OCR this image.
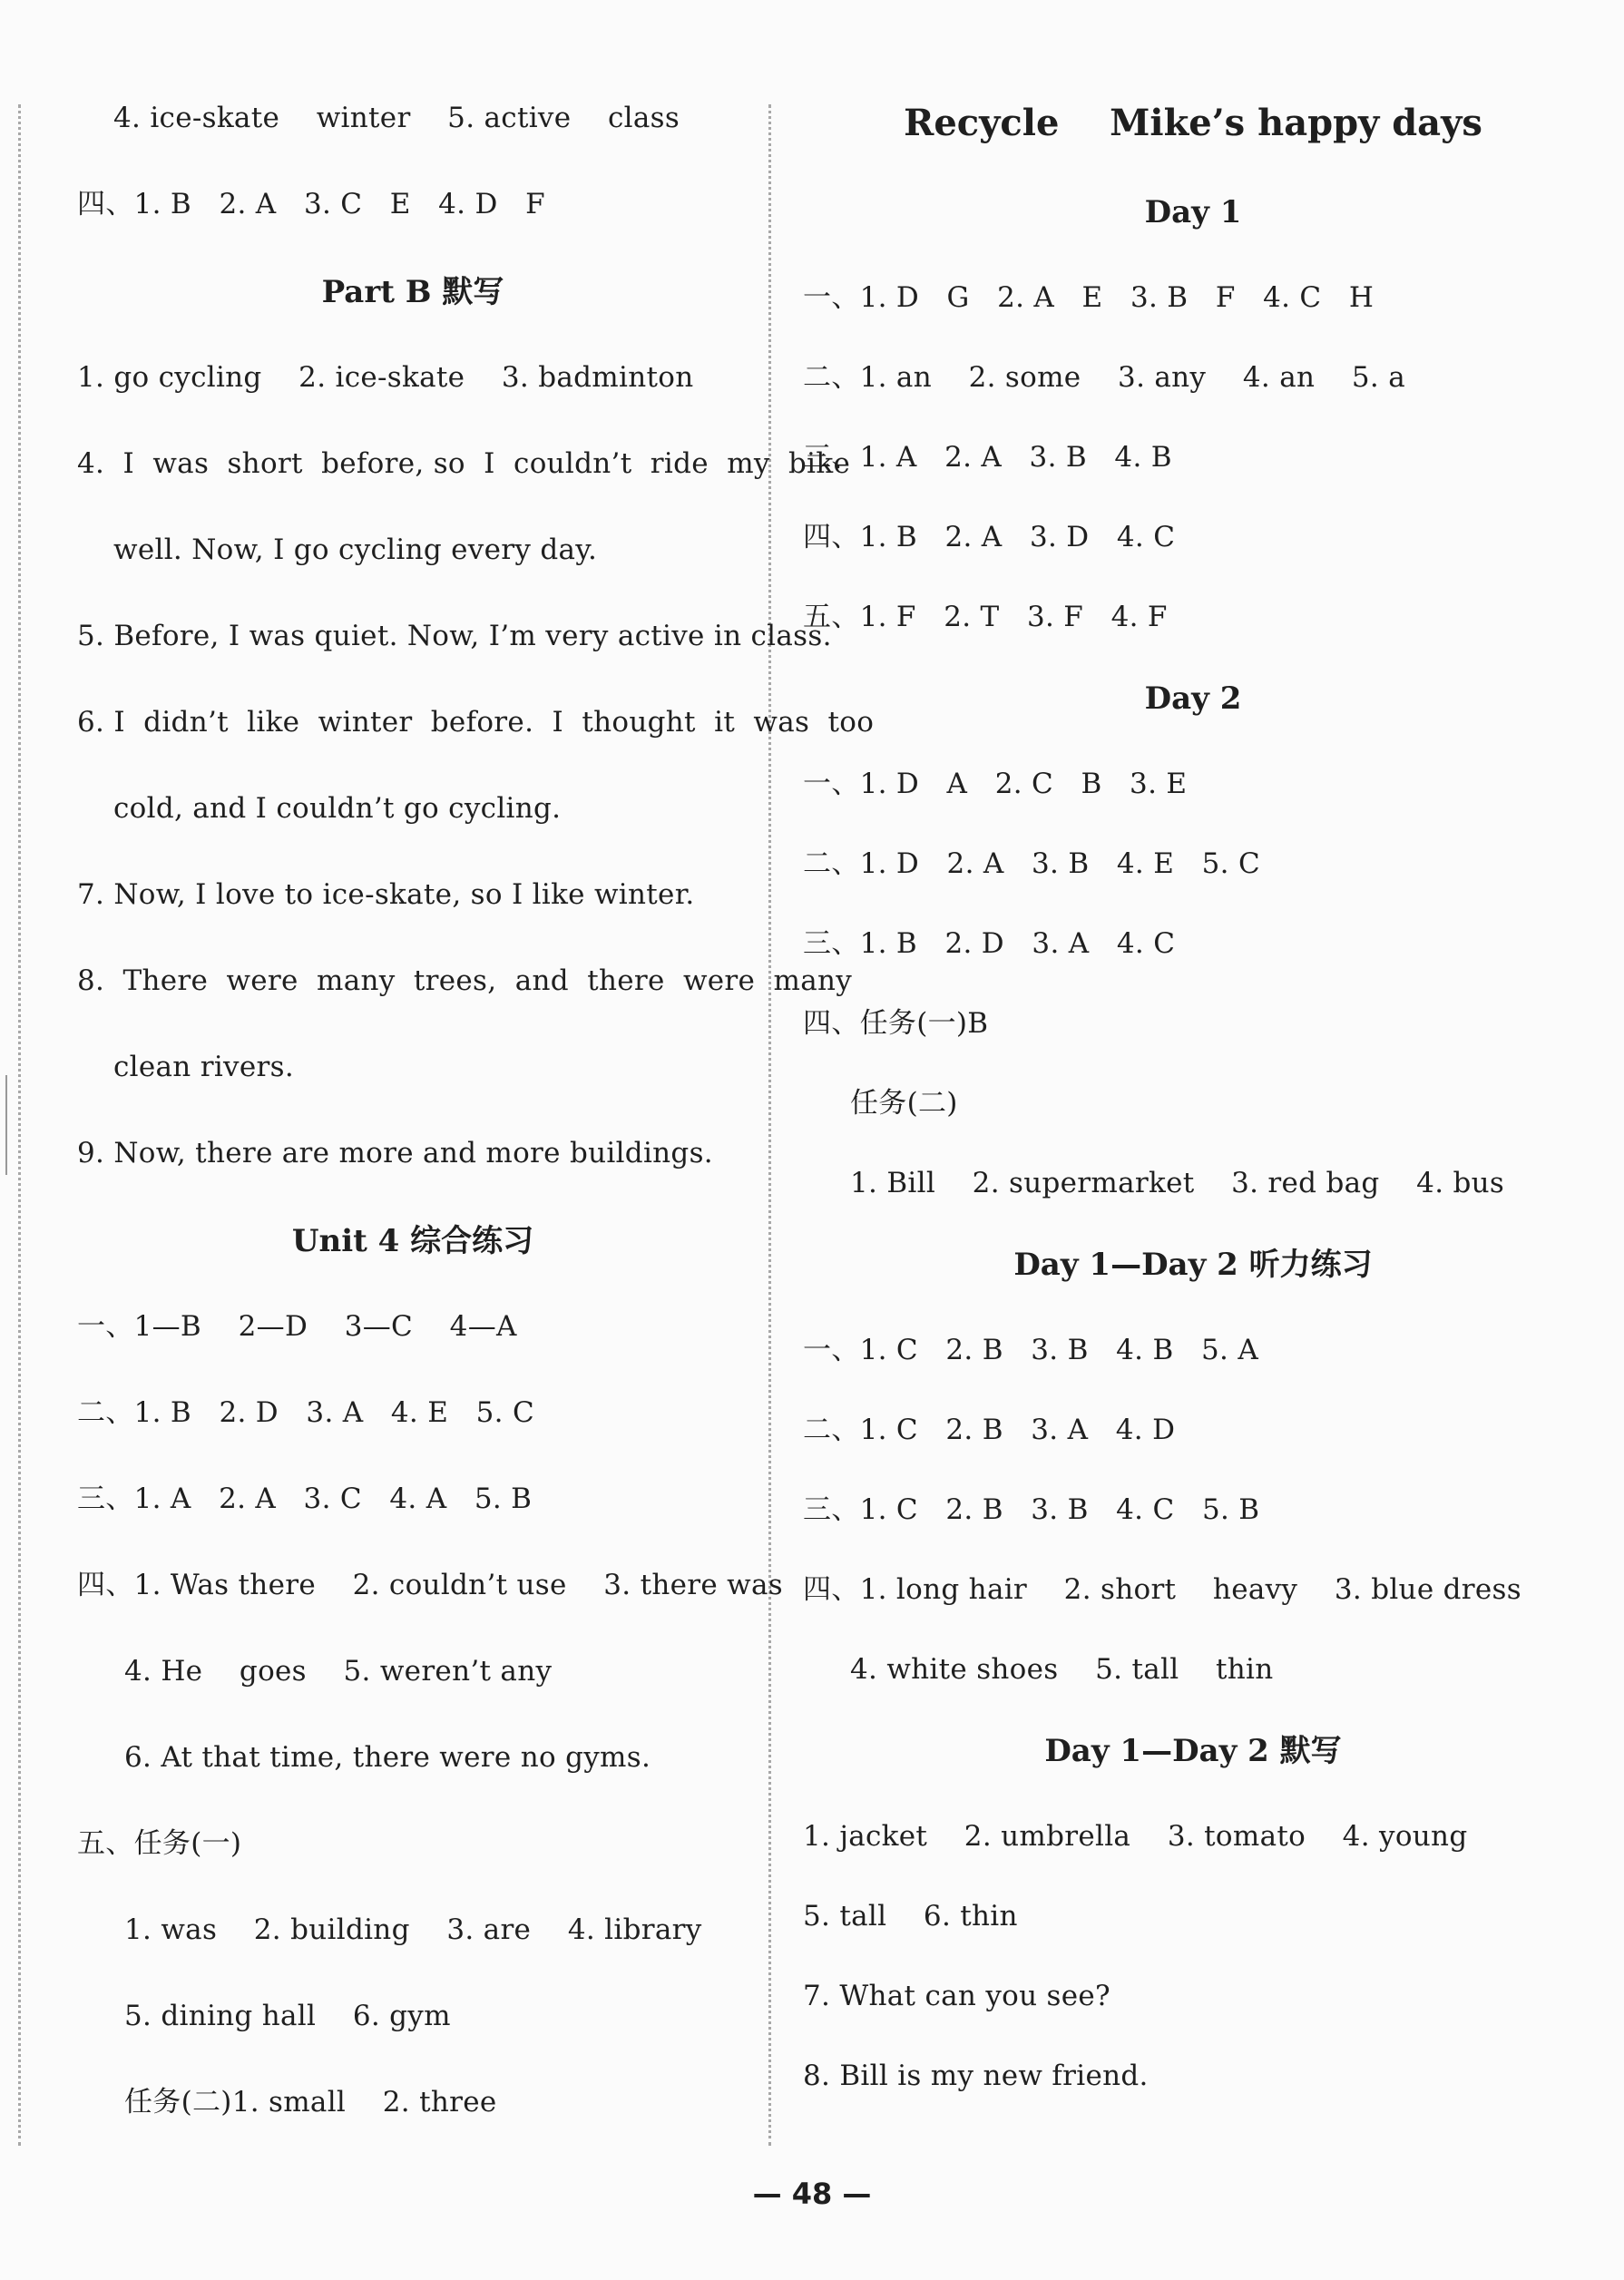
4. ice-skate    winter    5. active    class
四、1. B   2. A   3. C   E   4. D   F
Part B 默写
1. go cycling    2. ice-skate    3. badminton
4.  I  was  short  before, so  I  couldn’t  ride  my  bike
well. Now, I go cycling every day.
5. Before, I was quiet. Now, I’m very active in class.
6. I  didn’t  like  winter  before.  I  thought  it  was  too
cold, and I couldn’t go cycling.
7. Now, I love to ice-skate, so I like winter.
8.  There  were  many  trees,  and  there  were  many
clean rivers.
9. Now, there are more and more buildings.
Unit 4 综合练习
一、1—B    2—D    3—C    4—A
二、1. B   2. D   3. A   4. E   5. C
三、1. A   2. A   3. C   4. A   5. B
四、1. Was there    2. couldn’t use    3. there was
4. He    goes    5. weren’t any
6. At that time, there were no gyms.
五、任务(一)
1. was    2. building    3. are    4. library
5. dining hall    6. gym
任务(二)1. small    2. three
Recycle    Mike’s happy days
Day 1
一、1. D   G   2. A   E   3. B   F   4. C   H
二、1. an    2. some    3. any    4. an    5. a
三、1. A   2. A   3. B   4. B
四、1. B   2. A   3. D   4. C
五、1. F   2. T   3. F   4. F
Day 2
一、1. D   A   2. C   B   3. E
二、1. D   2. A   3. B   4. E   5. C
三、1. B   2. D   3. A   4. C
四、任务(一)B
任务(二)
1. Bill    2. supermarket    3. red bag    4. bus
Day 1—Day 2 听力练习
一、1. C   2. B   3. B   4. B   5. A
二、1. C   2. B   3. A   4. D
三、1. C   2. B   3. B   4. C   5. B
四、1. long hair    2. short    heavy    3. blue dress
4. white shoes    5. tall    thin
Day 1—Day 2 默写
1. jacket    2. umbrella    3. tomato    4. young
5. tall    6. thin
7. What can you see?
8. Bill is my new friend.
— 48 —
